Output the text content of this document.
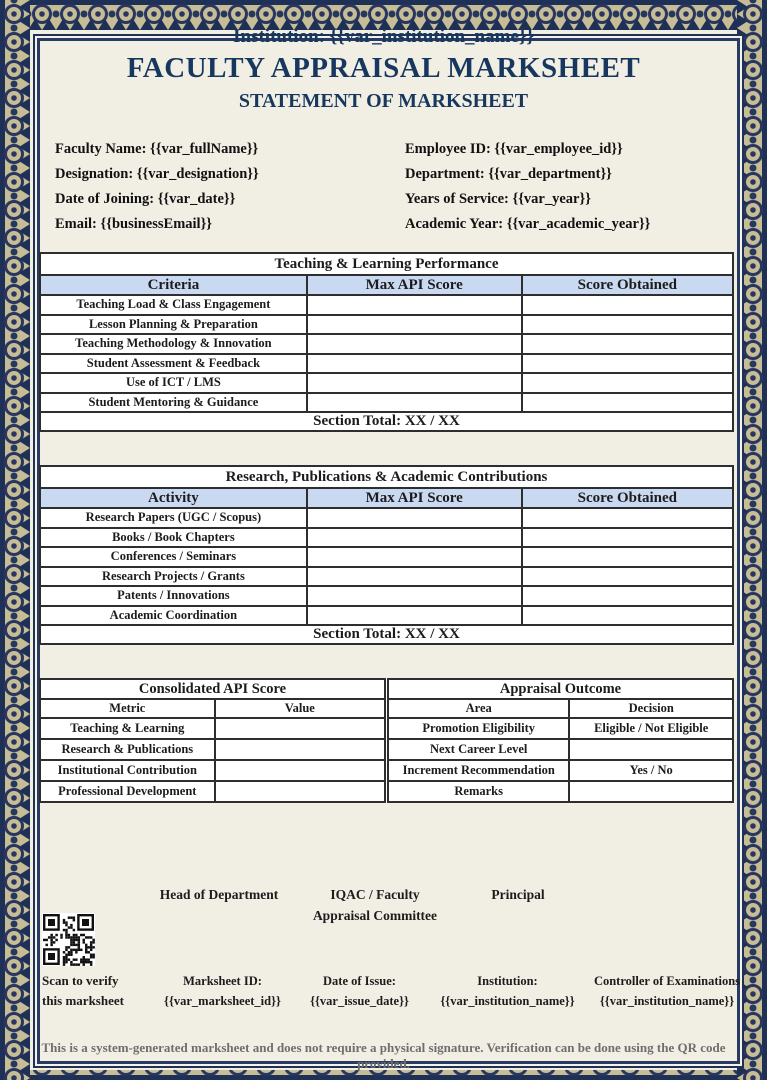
Institution: {{var_institution_name}}
FACULTY APPRAISAL MARKSHEET
STATEMENT OF MARKSHEET
Faculty Name: {{var_fullName}}
Designation: {{var_designation}}
Date of Joining: {{var_date}}
Email: {{businessEmail}}
Employee ID: {{var_employee_id}}
Department: {{var_department}}
Years of Service: {{var_year}}
Academic Year: {{var_academic_year}}
Teaching & Learning Performance		
Criteria	Max API Score	Score Obtained
Teaching Load & Class Engagement		
Lesson Planning & Preparation		
Teaching Methodology & Innovation		
Student Assessment & Feedback		
Use of ICT / LMS		
Student Mentoring & Guidance		
Section Total: XX / XX		
Research, Publications & Academic Contributions		
Activity	Max API Score	Score Obtained
Research Papers (UGC / Scopus)		
Books / Book Chapters		
Conferences / Seminars		
Research Projects / Grants		
Patents / Innovations		
Academic Coordination		
Section Total: XX / XX		
Consolidated API Score		Appraisal Outcome	
Metric	Value	Area	Decision
Teaching & Learning		Promotion Eligibility	Eligible / Not Eligible
Research & Publications		Next Career Level	
Institutional Contribution		Increment Recommendation	Yes / No
Professional Development		Remarks	
Head of Department	IQAC / Faculty
Appraisal Committee
Principal
Scan to verify
this marksheet
Marksheet ID:
{{var_marksheet_id}}
Date of Issue:
{{var_issue_date}}
Institution:
{{var_institution_name}}
Controller of Examinations
{{var_institution_name}}
This is a system-generated marksheet and does not require a physical signature. Verification can be done using the QR code provided.
